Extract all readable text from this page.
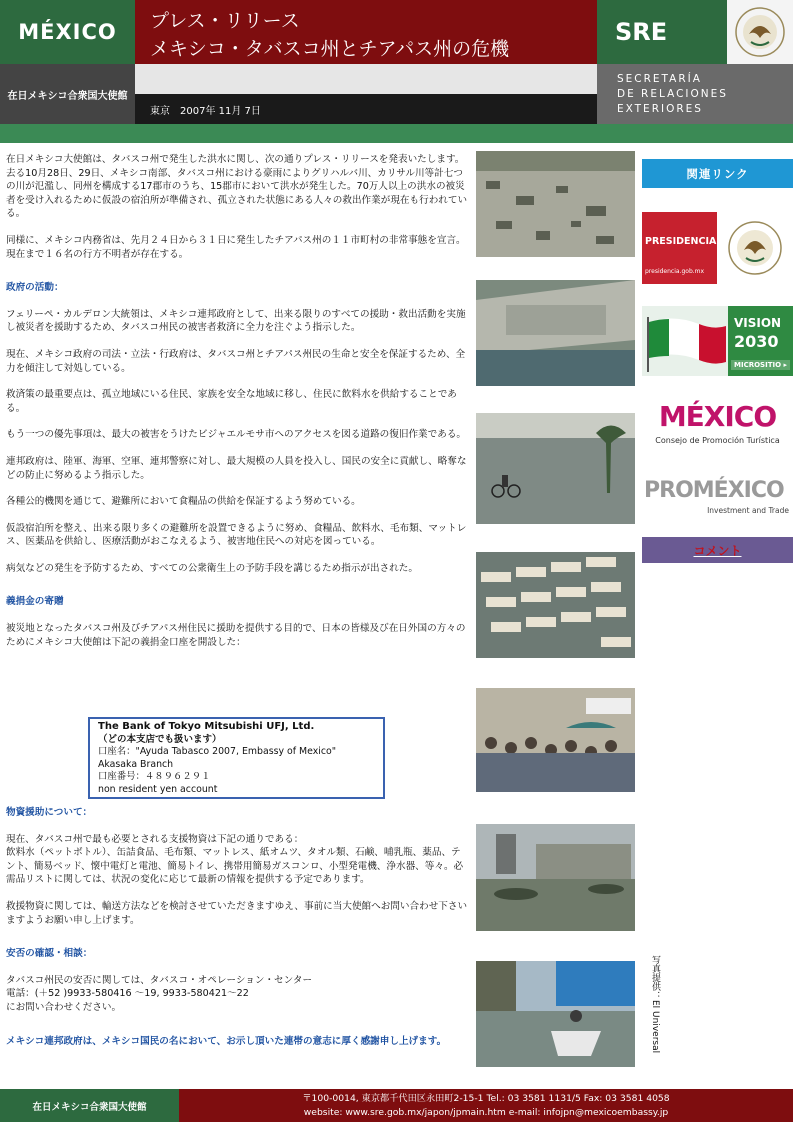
MÉXICO	プレス・リリース
メキシコ・タバスコ州とチアパス州の危機
在日メキシコ合衆国大使館
東京　2007年 11月 7日
SRE
SECRETARÍA
DE RELACIONES
EXTERIORES

在日メキシコ大使館は、タバスコ州で発生した洪水に関し、次の通りプレス・リリースを発表いたします。

去る10月28日、29日、メキシコ南部、タバスコ州における豪雨によりグリハルバ川、カリサル川等計七つの川が氾濫し、同州を構成する17郡市のうち、15郡市において洪水が発生した。70万人以上の洪水の被災者を受け入れるために仮設の宿泊所が準備され、孤立された状態にある人々の救出作業が現在も行われている。

同様に、メキシコ内務省は、先月２４日から３１日に発生したチアパス州の１１市町村の非常事態を宣言。現在まで１６名の行方不明者が存在する。

政府の活動：

フェリーペ・カルデロン大統領は、メキシコ連邦政府として、出来る限りのすべての援助・救出活動を実施し被災者を援助するため、タバスコ州民の被害者救済に全力を注ぐよう指示した。

現在、メキシコ政府の司法・立法・行政府は、タバスコ州とチアパス州民の生命と安全を保証するため、全力を傾注して対処している。

救済策の最重要点は、孤立地域にいる住民、家族を安全な地域に移し、住民に飲料水を供給することである。

もう一つの優先事項は、最大の被害をうけたビジャエルモサ市へのアクセスを図る道路の復旧作業である。

連邦政府は、陸軍、海軍、空軍、連邦警察に対し、最大規模の人員を投入し、国民の安全に貢献し、略奪などの防止に努めるよう指示した。

各種公的機関を通じて、避難所において食糧品の供給を保証するよう努めている。

仮設宿泊所を整え、出来る限り多くの避難所を設置できるように努め、食糧品、飲料水、毛布類、マットレス、医薬品を供給し、医療活動がおこなえるよう、被害地住民への対応を図っている。

病気などの発生を予防するため、すべての公衆衛生上の予防手段を講じるため指示が出された。

義捐金の寄贈

被災地となったタバスコ州及びチアパス州住民に援助を提供する目的で、日本の皆様及び在日外国の方々のためにメキシコ大使館は下記の義捐金口座を開設した：

The Bank of Tokyo Mitsubishi UFJ, Ltd.
（どの本支店でも扱います）
口座名："Ayuda Tabasco 2007, Embassy of Mexico"
Akasaka Branch
口座番号：４８９６２９１
non resident yen account

物資援助について：

現在、タバスコ州で最も必要とされる支援物資は下記の通りである：

飲料水（ペットボトル）、缶詰食品、毛布類、マットレス、紙オムツ、タオル類、石鹸、哺乳瓶、薬品、テント、簡易ベッド、懐中電灯と電池、簡易トイレ、携帯用簡易ガスコンロ、小型発電機、浄水器、等々。必需品リストに関しては、状況の変化に応じて最新の情報を提供する予定であります。

救援物資に関しては、輸送方法などを検討させていただきますゆえ、事前に当大使館へお問い合わせ下さいますようお願い申し上げます。

安否の確認・相談：

タバスコ州民の安否に関しては、タバスコ・オペレーション・センター

電話：(＋52 )9933-580416 〜19, 9933-580421〜22

にお問い合わせください。

メキシコ連邦政府は、メキシコ国民の名において、お示し頂いた連帯の意志に厚く感謝申し上げます。	写真提供：El Universal
関連リンク
PRESIDENCIA
presidencia.gob.mx
VISION
2030
MICROSITIO ▸
MÉXICO
Consejo de Promoción Turística
PROMÉXICO
Investment and Trade
コメント
在日メキシコ合衆国大使館
〒100-0014, 東京都千代田区永田町2-15-1 Tel.: 03 3581 1131/5 Fax: 03 3581 4058
website: www.sre.gob.mx/japon/jpmain.htm e-mail: infojpn@mexicoembassy.jp
